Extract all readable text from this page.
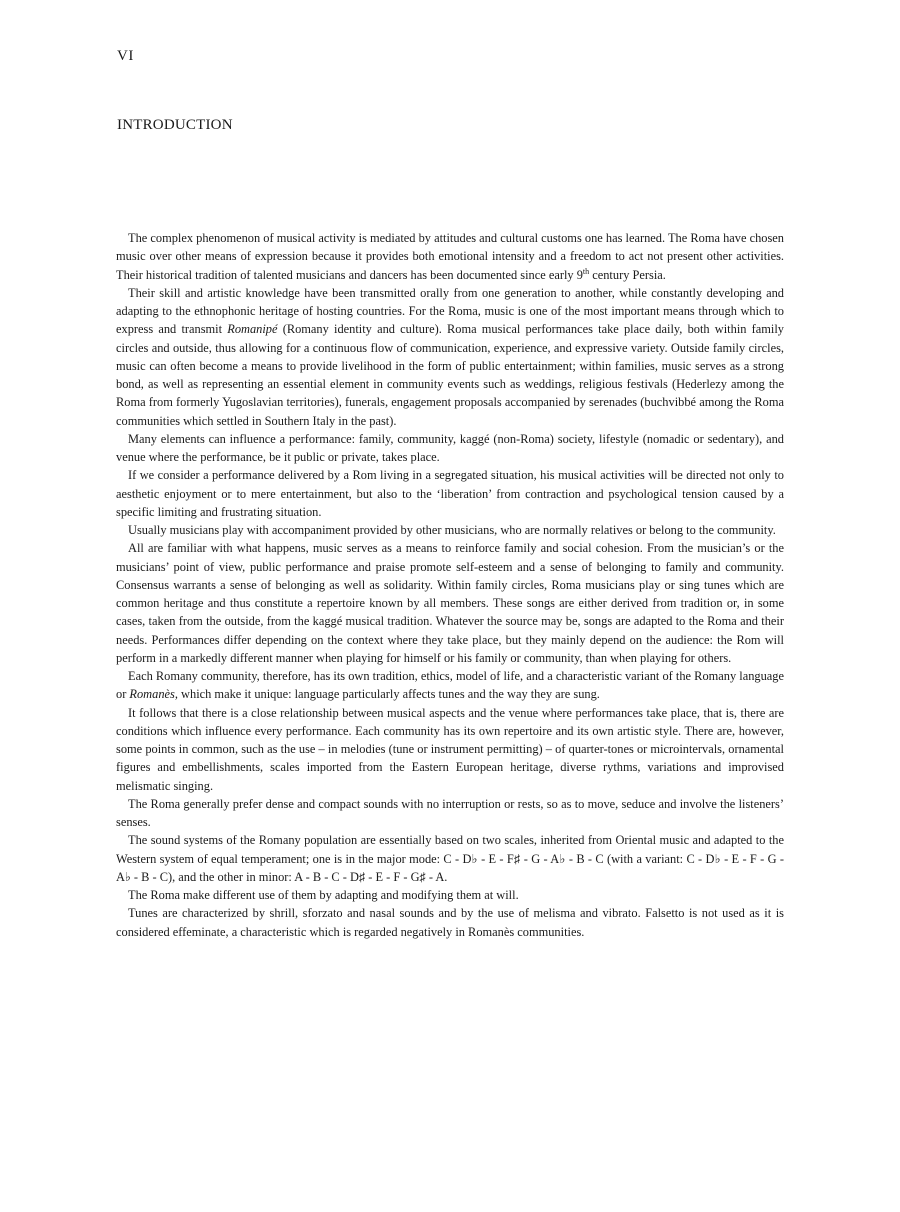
VI
INTRODUCTION

The complex phenomenon of musical activity is mediated by attitudes and cultural customs one has learned. The Roma have chosen music over other means of expression because it provides both emotional intensity and a freedom to act not present other activities. Their historical tradition of talented musicians and dancers has been documented since early 9th century Persia.

Their skill and artistic knowledge have been transmitted orally from one generation to another, while constantly developing and adapting to the ethnophonic heritage of hosting countries. For the Roma, music is one of the most important means through which to express and transmit Romanipé (Romany identity and culture). Roma musical performances take place daily, both within family circles and outside, thus allowing for a continuous flow of communication, experience, and expressive variety. Outside family circles, music can often become a means to provide livelihood in the form of public entertainment; within families, music serves as a strong bond, as well as representing an essential element in community events such as weddings, religious festivals (Hederlezy among the Roma from formerly Yugoslavian territories), funerals, engagement proposals accompanied by serenades (buchvibbé among the Roma communities which settled in Southern Italy in the past).

Many elements can influence a performance: family, community, kaggé (non-Roma) society, lifestyle (nomadic or sedentary), and venue where the performance, be it public or private, takes place.

If we consider a performance delivered by a Rom living in a segregated situation, his musical activities will be directed not only to aesthetic enjoyment or to mere entertainment, but also to the ‘liberation’ from contraction and psychological tension caused by a specific limiting and frustrating situation.

Usually musicians play with accompaniment provided by other musicians, who are normally relatives or belong to the community.

All are familiar with what happens, music serves as a means to reinforce family and social cohesion. From the musician’s or the musicians’ point of view, public performance and praise promote self-esteem and a sense of belonging to family and community. Consensus warrants a sense of belonging as well as solidarity. Within family circles, Roma musicians play or sing tunes which are common heritage and thus constitute a repertoire known by all members. These songs are either derived from tradition or, in some cases, taken from the outside, from the kaggé musical tradition. Whatever the source may be, songs are adapted to the Roma and their needs. Performances differ depending on the context where they take place, but they mainly depend on the audience: the Rom will perform in a markedly different manner when playing for himself or his family or community, than when playing for others.

Each Romany community, therefore, has its own tradition, ethics, model of life, and a characteristic variant of the Romany language or Romanès, which make it unique: language particularly affects tunes and the way they are sung.

It follows that there is a close relationship between musical aspects and the venue where performances take place, that is, there are conditions which influence every performance. Each community has its own repertoire and its own artistic style. There are, however, some points in common, such as the use – in melodies (tune or instrument permitting) – of quarter-tones or microintervals, ornamental figures and embellishments, scales imported from the Eastern European heritage, diverse rythms, variations and improvised melismatic singing.

The Roma generally prefer dense and compact sounds with no interruption or rests, so as to move, seduce and involve the listeners’ senses.

The sound systems of the Romany population are essentially based on two scales, inherited from Oriental music and adapted to the Western system of equal temperament; one is in the major mode: C - D♭ - E - F♯ - G - A♭ - B - C (with a variant: C - D♭ - E - F - G - A♭ - B - C), and the other in minor: A - B - C - D♯ - E - F - G♯ - A.

The Roma make different use of them by adapting and modifying them at will.

Tunes are characterized by shrill, sforzato and nasal sounds and by the use of melisma and vibrato. Falsetto is not used as it is considered effeminate, a characteristic which is regarded negatively in Romanès communities.
